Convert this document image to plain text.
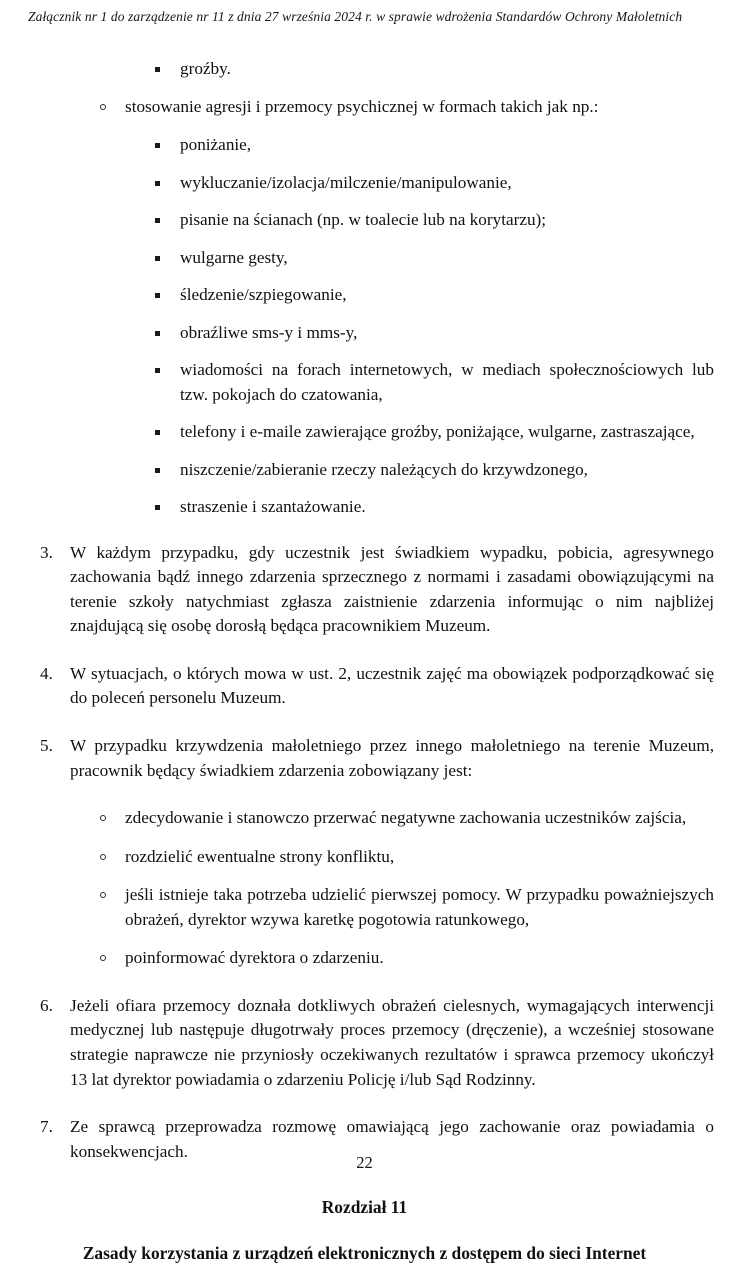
Załącznik nr 1 do zarządzenie nr 11 z dnia 27 września 2024 r. w sprawie wdrożenia Standardów Ochrony Małoletnich
groźby.
stosowanie agresji i przemocy psychicznej w formach takich jak np.:
poniżanie,
wykluczanie/izolacja/milczenie/manipulowanie,
pisanie na ścianach (np. w toalecie lub na korytarzu);
wulgarne gesty,
śledzenie/szpiegowanie,
obraźliwe sms-y i mms-y,
wiadomości na forach internetowych, w mediach społecznościowych lub tzw. pokojach do czatowania,
telefony i e-maile zawierające groźby, poniżające, wulgarne, zastraszające,
niszczenie/zabieranie rzeczy należących do krzywdzonego,
straszenie i szantażowanie.
3. W każdym przypadku, gdy uczestnik jest świadkiem wypadku, pobicia, agresywnego zachowania bądź innego zdarzenia sprzecznego z normami i zasadami obowiązującymi na terenie szkoły natychmiast zgłasza zaistnienie zdarzenia informując o nim najbliżej znajdującą się osobę dorosłą będąca pracownikiem Muzeum.
4. W sytuacjach, o których mowa w ust. 2, uczestnik zajęć ma obowiązek podporządkować się do poleceń personelu Muzeum.
5. W przypadku krzywdzenia małoletniego przez innego małoletniego na terenie Muzeum, pracownik będący świadkiem zdarzenia zobowiązany jest:
zdecydowanie i stanowczo przerwać negatywne zachowania uczestników zajścia,
rozdzielić ewentualne strony konfliktu,
jeśli istnieje taka potrzeba udzielić pierwszej pomocy. W przypadku poważniejszych obrażeń, dyrektor wzywa karetkę pogotowia ratunkowego,
poinformować dyrektora o zdarzeniu.
6. Jeżeli ofiara przemocy doznała dotkliwych obrażeń cielesnych, wymagających interwencji medycznej lub następuje długotrwały proces przemocy (dręczenie), a wcześniej stosowane strategie naprawcze nie przyniosły oczekiwanych rezultatów i sprawca przemocy ukończył 13 lat dyrektor powiadamia o zdarzeniu Policję i/lub Sąd Rodzinny.
7. Ze sprawcą przeprowadza rozmowę omawiającą jego zachowanie oraz powiadamia o konsekwencjach.
Rozdział 11
Zasady korzystania z urządzeń elektronicznych z dostępem do sieci Internet
22
